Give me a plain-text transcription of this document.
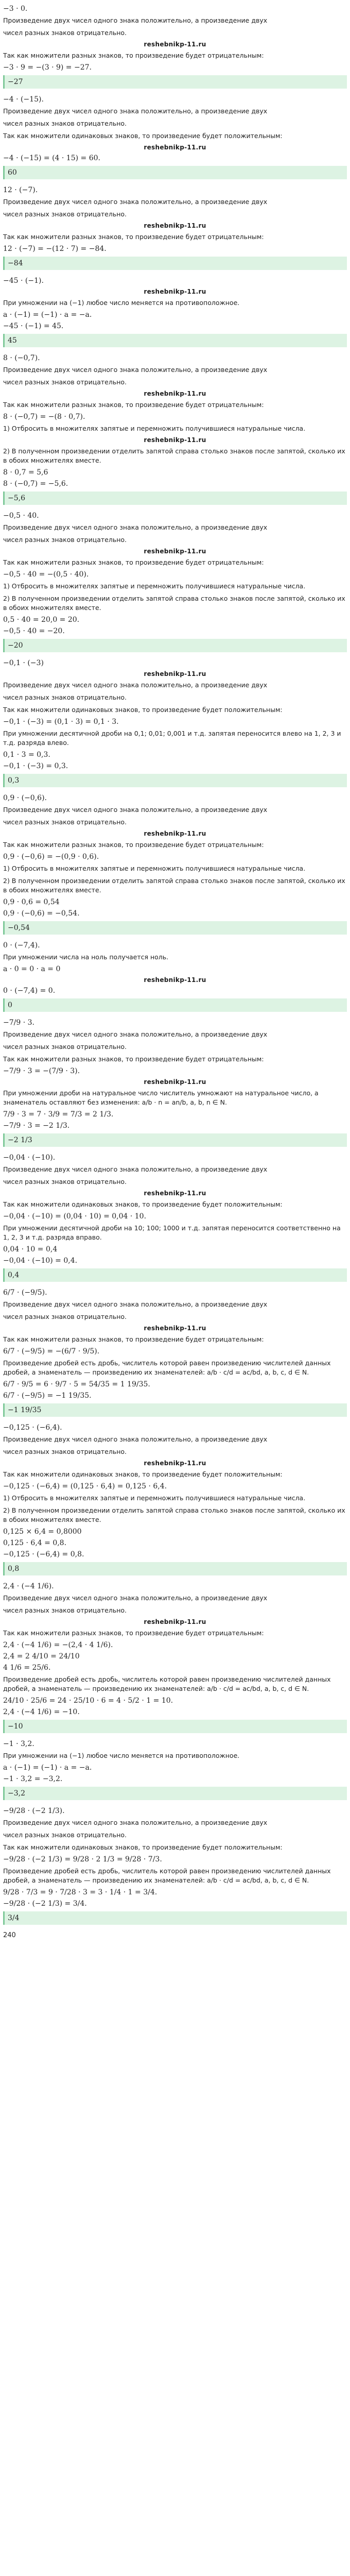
−3 · 0.
Произведение двух чисел одного знака положительно, а произведение двух
чисел разных знаков отрицательно.
reshebnikp-11.ru
Так как множители разных знаков, то произведение будет отрицательным:
−3 · 9 = −(3 · 9) = −27.
−27
−4 · (−15).
Произведение двух чисел одного знака положительно, а произведение двух
чисел разных знаков отрицательно.
Так как множители одинаковых знаков, то произведение будет положительным:
reshebnikp-11.ru
−4 · (−15) = (4 · 15) = 60.
60
12 · (−7).
Произведение двух чисел одного знака положительно, а произведение двух
чисел разных знаков отрицательно.
reshebnikp-11.ru
Так как множители разных знаков, то произведение будет отрицательным:
12 · (−7) = −(12 · 7) = −84.
−84
−45 · (−1).
reshebnikp-11.ru
При умножении на (−1) любое число меняется на противоположное.
a · (−1) = (−1) · a = −a.
−45 · (−1) = 45.
45
8 · (−0,7).
Произведение двух чисел одного знака положительно, а произведение двух
чисел разных знаков отрицательно.
reshebnikp-11.ru
Так как множители разных знаков, то произведение будет отрицательным:
8 · (−0,7) = −(8 · 0,7).
1) Отбросить в множителях запятые и перемножить получившиеся натуральные числа.
reshebnikp-11.ru
2) В полученном произведении отделить запятой справа столько знаков после запятой, сколько их в обоих множителях вместе.
8 · 0,7 = 5,6
8 · (−0,7) = −5,6.
−5,6
−0,5 · 40.
Произведение двух чисел одного знака положительно, а произведение двух
чисел разных знаков отрицательно.
reshebnikp-11.ru
Так как множители разных знаков, то произведение будет отрицательным:
−0,5 · 40 = −(0,5 · 40).
1) Отбросить в множителях запятые и перемножить получившиеся натуральные числа.
2) В полученном произведении отделить запятой справа столько знаков после запятой, сколько их в обоих множителях вместе.
0,5 · 40 = 20,0 = 20.
−0,5 · 40 = −20.
−20
−0,1 · (−3)
reshebnikp-11.ru
Произведение двух чисел одного знака положительно, а произведение двух
чисел разных знаков отрицательно.
Так как множители одинаковых знаков, то произведение будет положительным:
−0,1 · (−3) = (0,1 · 3) = 0,1 · 3.
При умножении десятичной дроби на 0,1; 0,01; 0,001 и т.д. запятая переносится влево на 1, 2, 3 и т.д. разряда влево.
0,1 · 3 = 0,3.
−0,1 · (−3) = 0,3.
0,3
0,9 · (−0,6).
Произведение двух чисел одного знака положительно, а произведение двух
чисел разных знаков отрицательно.
reshebnikp-11.ru
Так как множители разных знаков, то произведение будет отрицательным:
0,9 · (−0,6) = −(0,9 · 0,6).
1) Отбросить в множителях запятые и перемножить получившиеся натуральные числа.
2) В полученном произведении отделить запятой справа столько знаков после запятой, сколько их в обоих множителях вместе.
0,9 · 0,6 = 0,54
0,9 · (−0,6) = −0,54.
−0,54
0 · (−7,4).
При умножении числа на ноль получается ноль.
a · 0 = 0 · a = 0
reshebnikp-11.ru
0 · (−7,4) = 0.
0
−7/9 · 3.
Произведение двух чисел одного знака положительно, а произведение двух
чисел разных знаков отрицательно.
Так как множители разных знаков, то произведение будет отрицательным:
−7/9 · 3 = −(7/9 · 3).
reshebnikp-11.ru
При умножении дроби на натуральное число числитель умножают на натуральное число, а знаменатель оставляют без изменения: a/b · n = an/b, a, b, n ∈ N.
7/9 · 3 = 7 · 3/9 = 7/3 = 2 1/3.
−7/9 · 3 = −2 1/3.
−2 1/3
−0,04 · (−10).
Произведение двух чисел одного знака положительно, а произведение двух
чисел разных знаков отрицательно.
reshebnikp-11.ru
Так как множители одинаковых знаков, то произведение будет положительным:
−0,04 · (−10) = (0,04 · 10) = 0,04 · 10.
При умножении десятичной дроби на 10; 100; 1000 и т.д. запятая переносится соответственно на 1, 2, 3 и т.д. разряда вправо.
0,04 · 10 = 0,4
−0,04 · (−10) = 0,4.
0,4
6/7 · (−9/5).
Произведение двух чисел одного знака положительно, а произведение двух
чисел разных знаков отрицательно.
reshebnikp-11.ru
Так как множители разных знаков, то произведение будет отрицательным:
6/7 · (−9/5) = −(6/7 · 9/5).
Произведение дробей есть дробь, числитель которой равен произведению числителей данных дробей, а знаменатель — произведению их знаменателей: a/b · c/d = ac/bd, a, b, c, d ∈ N.
6/7 · 9/5 = 6 · 9/7 · 5 = 54/35 = 1 19/35.
6/7 · (−9/5) = −1 19/35.
−1 19/35
−0,125 · (−6,4).
Произведение двух чисел одного знака положительно, а произведение двух
чисел разных знаков отрицательно.
reshebnikp-11.ru
Так как множители одинаковых знаков, то произведение будет положительным:
−0,125 · (−6,4) = (0,125 · 6,4) = 0,125 · 6,4.
1) Отбросить в множителях запятые и перемножить получившиеся натуральные числа.
2) В полученном произведении отделить запятой справа столько знаков после запятой, сколько их в обоих множителях вместе.
0,125 × 6,4 = 0,8000
0,125 · 6,4 = 0,8.
−0,125 · (−6,4) = 0,8.
0,8
2,4 · (−4 1/6).
Произведение двух чисел одного знака положительно, а произведение двух
чисел разных знаков отрицательно.
reshebnikp-11.ru
Так как множители разных знаков, то произведение будет отрицательным:
2,4 · (−4 1/6) = −(2,4 · 4 1/6).
2,4 = 2 4/10 = 24/10
4 1/6 = 25/6.
Произведение дробей есть дробь, числитель которой равен произведению числителей данных дробей, а знаменатель — произведению их знаменателей: a/b · c/d = ac/bd, a, b, c, d ∈ N.
24/10 · 25/6 = 24 · 25/10 · 6 = 4 · 5/2 · 1 = 10.
2,4 · (−4 1/6) = −10.
−10
−1 · 3,2.
При умножении на (−1) любое число меняется на противоположное.
a · (−1) = (−1) · a = −a.
−1 · 3,2 = −3,2.
−3,2
−9/28 · (−2 1/3).
Произведение двух чисел одного знака положительно, а произведение двух
чисел разных знаков отрицательно.
Так как множители одинаковых знаков, то произведение будет положительным:
−9/28 · (−2 1/3) = 9/28 · 2 1/3 = 9/28 · 7/3.
Произведение дробей есть дробь, числитель которой равен произведению числителей данных дробей, а знаменатель — произведению их знаменателей: a/b · c/d = ac/bd, a, b, c, d ∈ N.
9/28 · 7/3 = 9 · 7/28 · 3 = 3 · 1/4 · 1 = 3/4.
−9/28 · (−2 1/3) = 3/4.
3/4
240
